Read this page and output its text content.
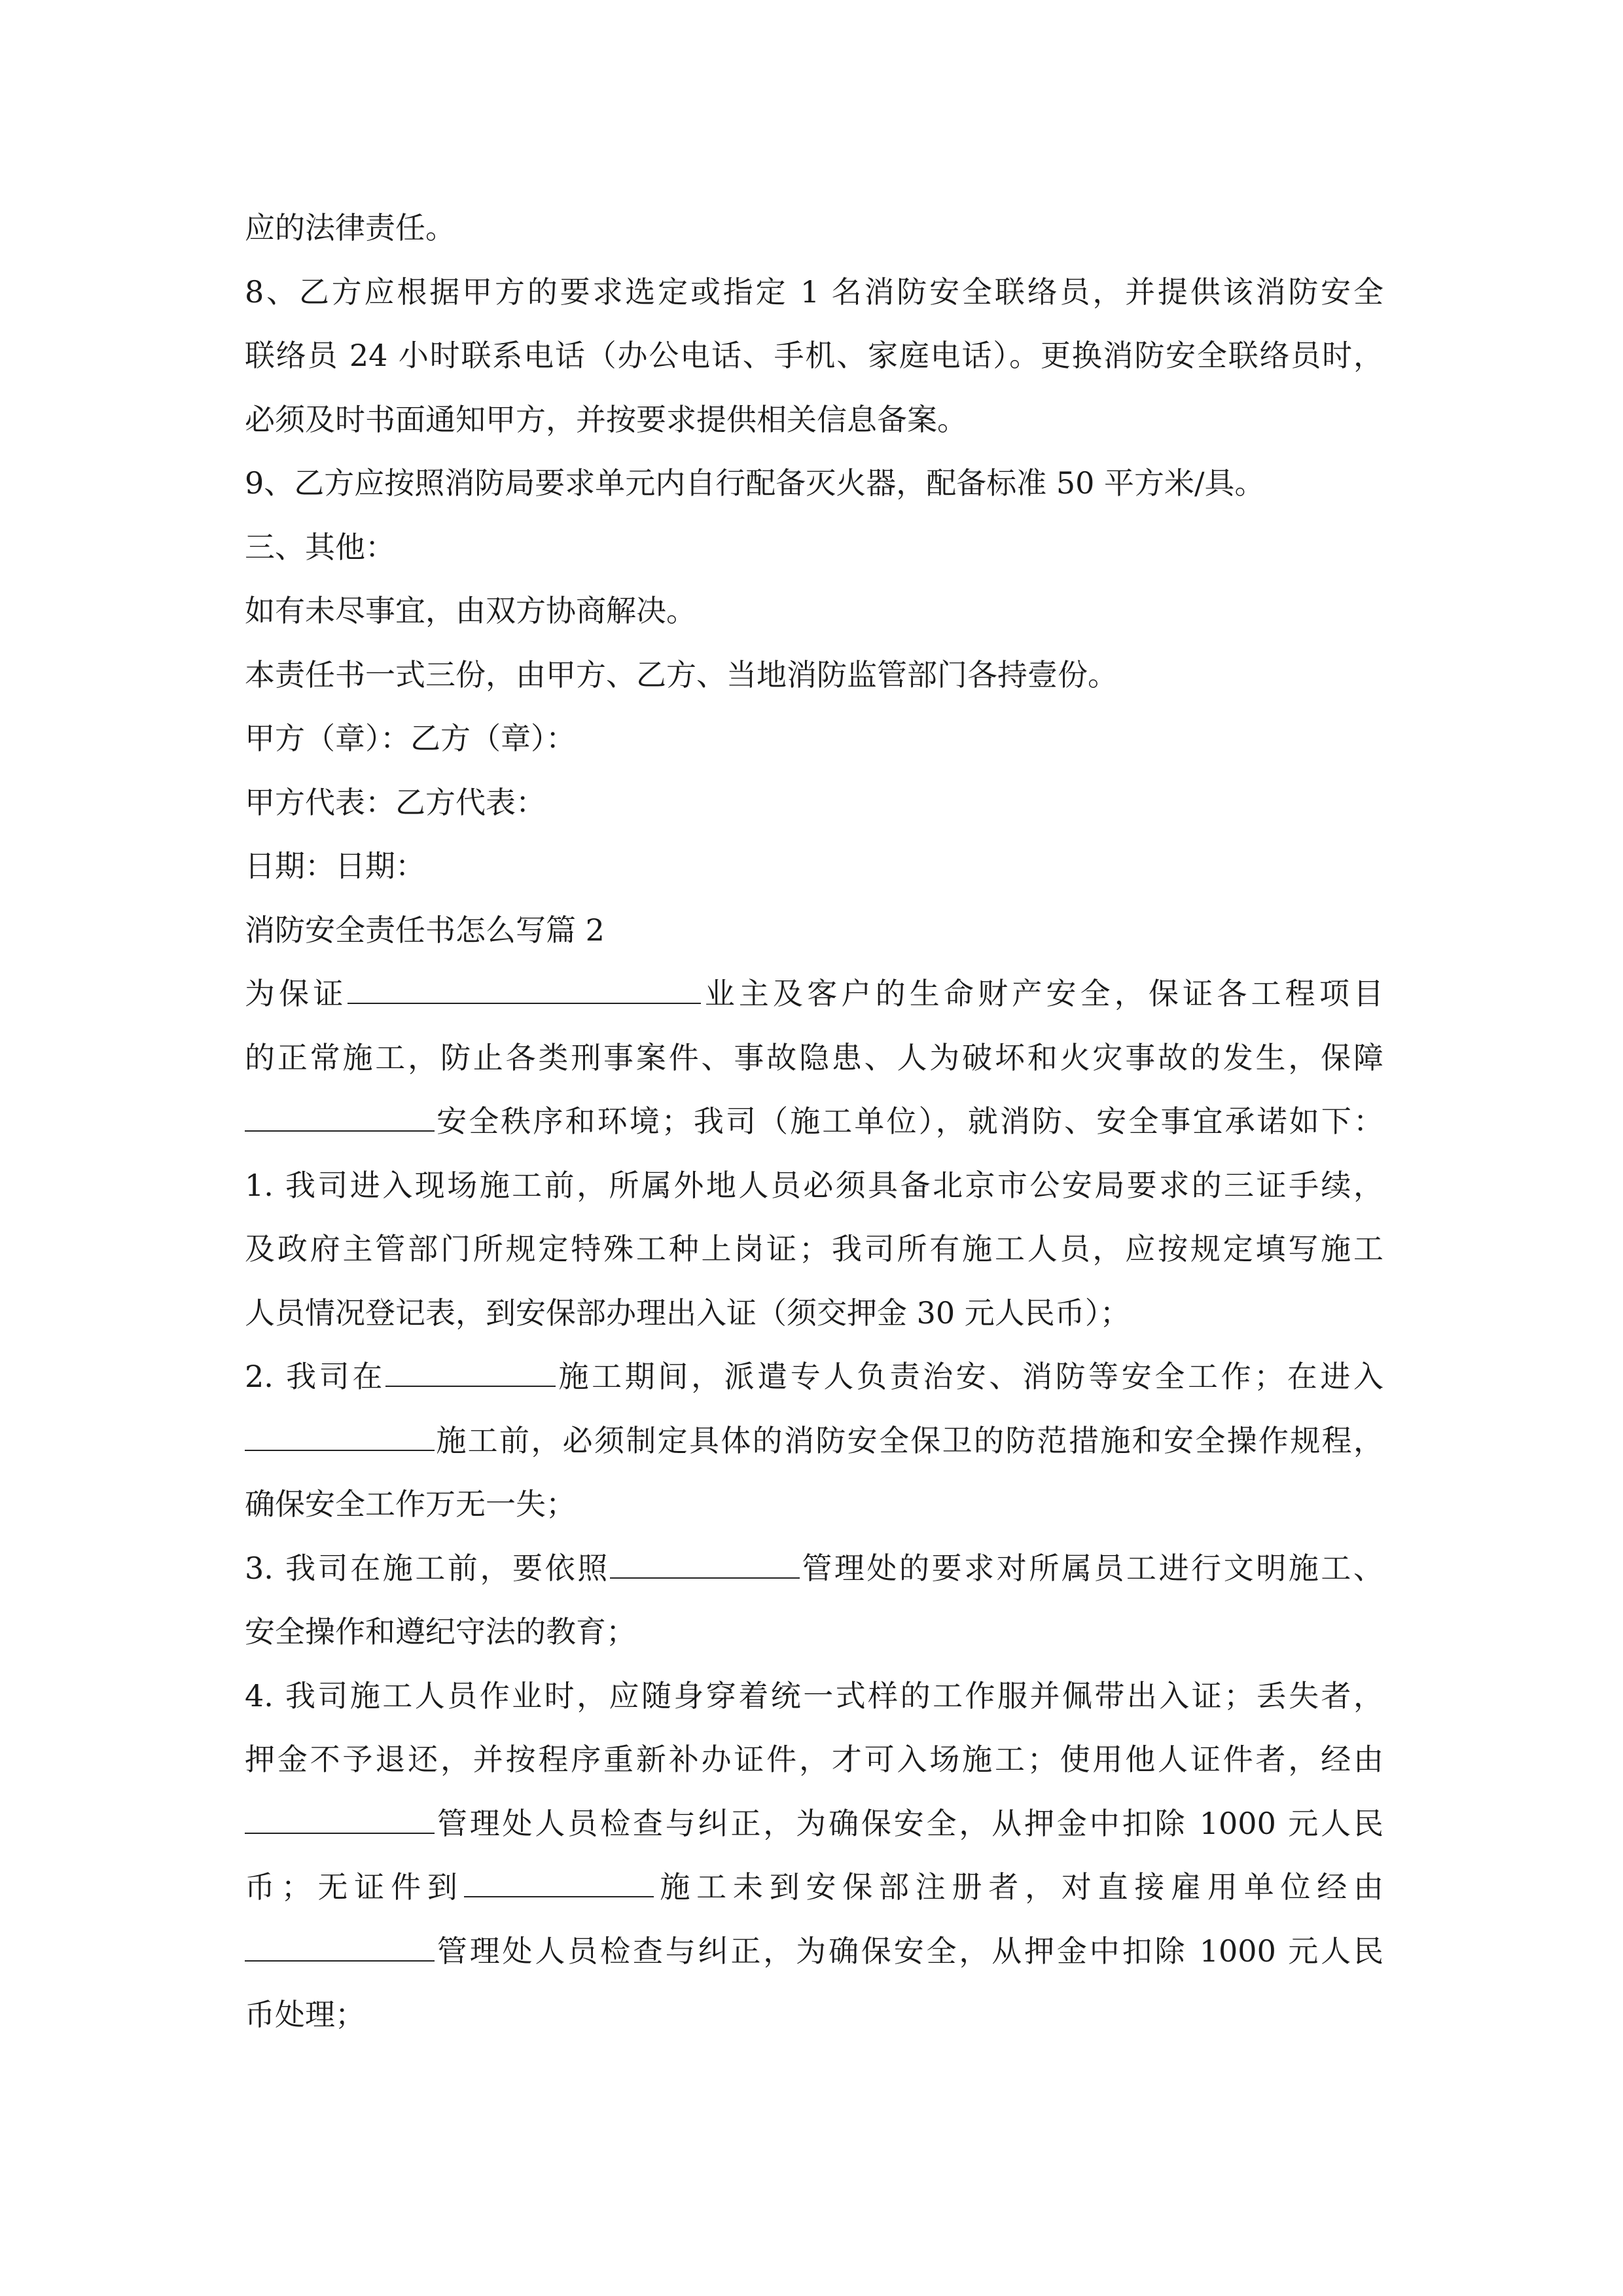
应的法律责任。
8、乙方应根据甲方的要求选定或指定 1 名消防安全联络员，并提供该消防安全
联络员 24 小时联系电话（办公电话、手机、家庭电话）。更换消防安全联络员时，
必须及时书面通知甲方，并按要求提供相关信息备案。
9、乙方应按照消防局要求单元内自行配备灭火器，配备标准 50 平方米/具。
三、其他：
如有未尽事宜，由双方协商解决。
本责任书一式三份，由甲方、乙方、当地消防监管部门各持壹份。
甲方（章）：乙方（章）：
甲方代表：乙方代表：
日期：日期：
消防安全责任书怎么写篇 2
为保证	业主及客户的生命财产安全，保证各工程项目
的正常施工，防止各类刑事案件、事故隐患、人为破坏和火灾事故的发生，保障
安全秩序和环境；我司（施工单位），就消防、安全事宜承诺如下：
1. 我司进入现场施工前，所属外地人员必须具备北京市公安局要求的三证手续，
及政府主管部门所规定特殊工种上岗证；我司所有施工人员，应按规定填写施工
人员情况登记表，到安保部办理出入证（须交押金 30 元人民币）；
2. 我司在	施工期间，派遣专人负责治安、消防等安全工作；在进入
施工前，必须制定具体的消防安全保卫的防范措施和安全操作规程，
确保安全工作万无一失；
3. 我司在施工前，要依照	管理处的要求对所属员工进行文明施工、
安全操作和遵纪守法的教育；
4. 我司施工人员作业时，应随身穿着统一式样的工作服并佩带出入证；丢失者，
押金不予退还，并按程序重新补办证件，才可入场施工；使用他人证件者，经由
管理处人员检查与纠正，为确保安全，从押金中扣除 1000 元人民
币；无证件到	施工未到安保部注册者，对直接雇用单位经由
管理处人员检查与纠正，为确保安全，从押金中扣除 1000 元人民
币处理；
